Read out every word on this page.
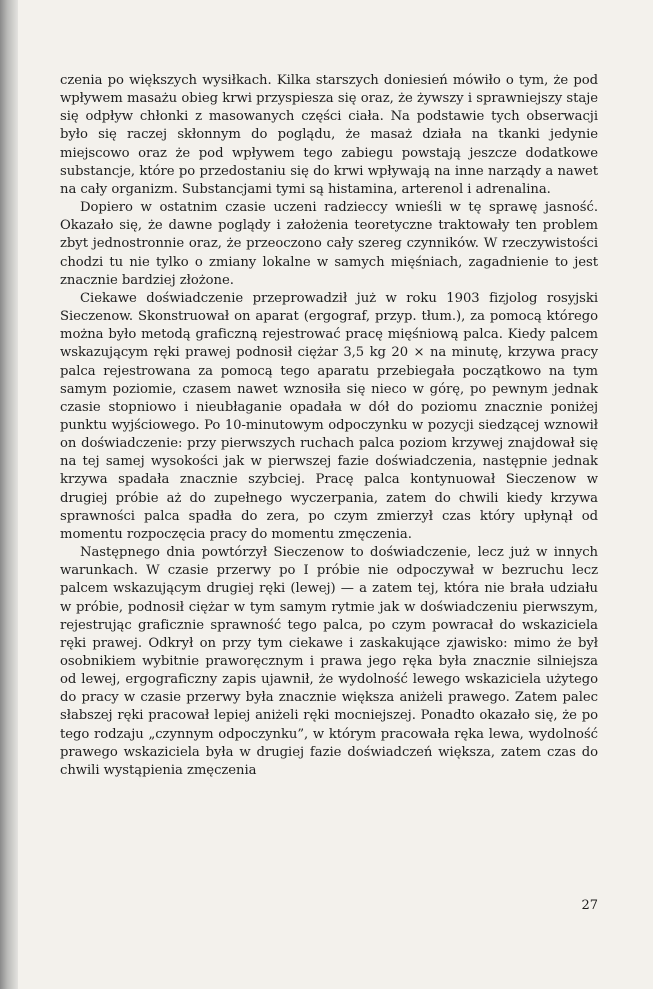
czenia po większych wysiłkach. Kilka starszych doniesień mówiło o tym, że pod wpływem masażu obieg krwi przyspiesza się oraz, że żywszy i sprawniejszy staje się odpływ chłonki z masowanych części ciała. Na podstawie tych obserwacji było się raczej skłonnym do poglądu, że masaż działa na tkanki jedynie miejscowo oraz że pod wpływem tego zabiegu powstają jeszcze dodatkowe substancje, które po przedostaniu się do krwi wpływają na inne narządy a nawet na cały organizm. Substancjami tymi są histamina, arterenol i adrenalina.

Dopiero w ostatnim czasie uczeni radzieccy wnieśli w tę sprawę jasność. Okazało się, że dawne poglądy i założenia teoretyczne traktowały ten problem zbyt jednostronnie oraz, że przeoczono cały szereg czynników. W rzeczywistości chodzi tu nie tylko o zmiany lokalne w samych mięśniach, zagadnienie to jest znacznie bardziej złożone.

Ciekawe doświadczenie przeprowadził już w roku 1903 fizjolog rosyjski Sieczenow. Skonstruował on aparat (ergograf, przyp. tłum.), za pomocą którego można było metodą graficzną rejestrować pracę mięśniową palca. Kiedy palcem wskazującym ręki prawej podnosił ciężar 3,5 kg 20 × na minutę, krzywa pracy palca rejestrowana za pomocą tego aparatu przebiegała początkowo na tym samym poziomie, czasem nawet wznosiła się nieco w górę, po pewnym jednak czasie stopniowo i nieubłaganie opadała w dół do poziomu znacznie poniżej punktu wyjściowego. Po 10-minutowym odpoczynku w pozycji siedzącej wznowił on doświadczenie: przy pierwszych ruchach palca poziom krzywej znajdował się na tej samej wysokości jak w pierwszej fazie doświadczenia, następnie jednak krzywa spadała znacznie szybciej. Pracę palca kontynuował Sieczenow w drugiej próbie aż do zupełnego wyczerpania, zatem do chwili kiedy krzywa sprawności palca spadła do zera, po czym zmierzył czas który upłynął od momentu rozpoczęcia pracy do momentu zmęczenia.

Następnego dnia powtórzył Sieczenow to doświadczenie, lecz już w innych warunkach. W czasie przerwy po I próbie nie odpoczywał w bezruchu lecz palcem wskazującym drugiej ręki (lewej) — a zatem tej, która nie brała udziału w próbie, podnosił ciężar w tym samym rytmie jak w doświadczeniu pierwszym, rejestrując graficznie sprawność tego palca, po czym powracał do wskaziciela ręki prawej. Odkrył on przy tym ciekawe i zaskakujące zjawisko: mimo że był osobnikiem wybitnie praworęcznym i prawa jego ręka była znacznie silniejsza od lewej, ergograficzny zapis ujawnił, że wydolność lewego wskaziciela użytego do pracy w czasie przerwy była znacznie większa aniżeli prawego. Zatem palec słabszej ręki pracował lepiej aniżeli ręki mocniejszej. Ponadto okazało się, że po tego rodzaju „czynnym odpoczynku”, w którym pracowała ręka lewa, wydolność prawego wskaziciela była w drugiej fazie doświadczeń większa, zatem czas do chwili wystąpienia zmęczenia

27
